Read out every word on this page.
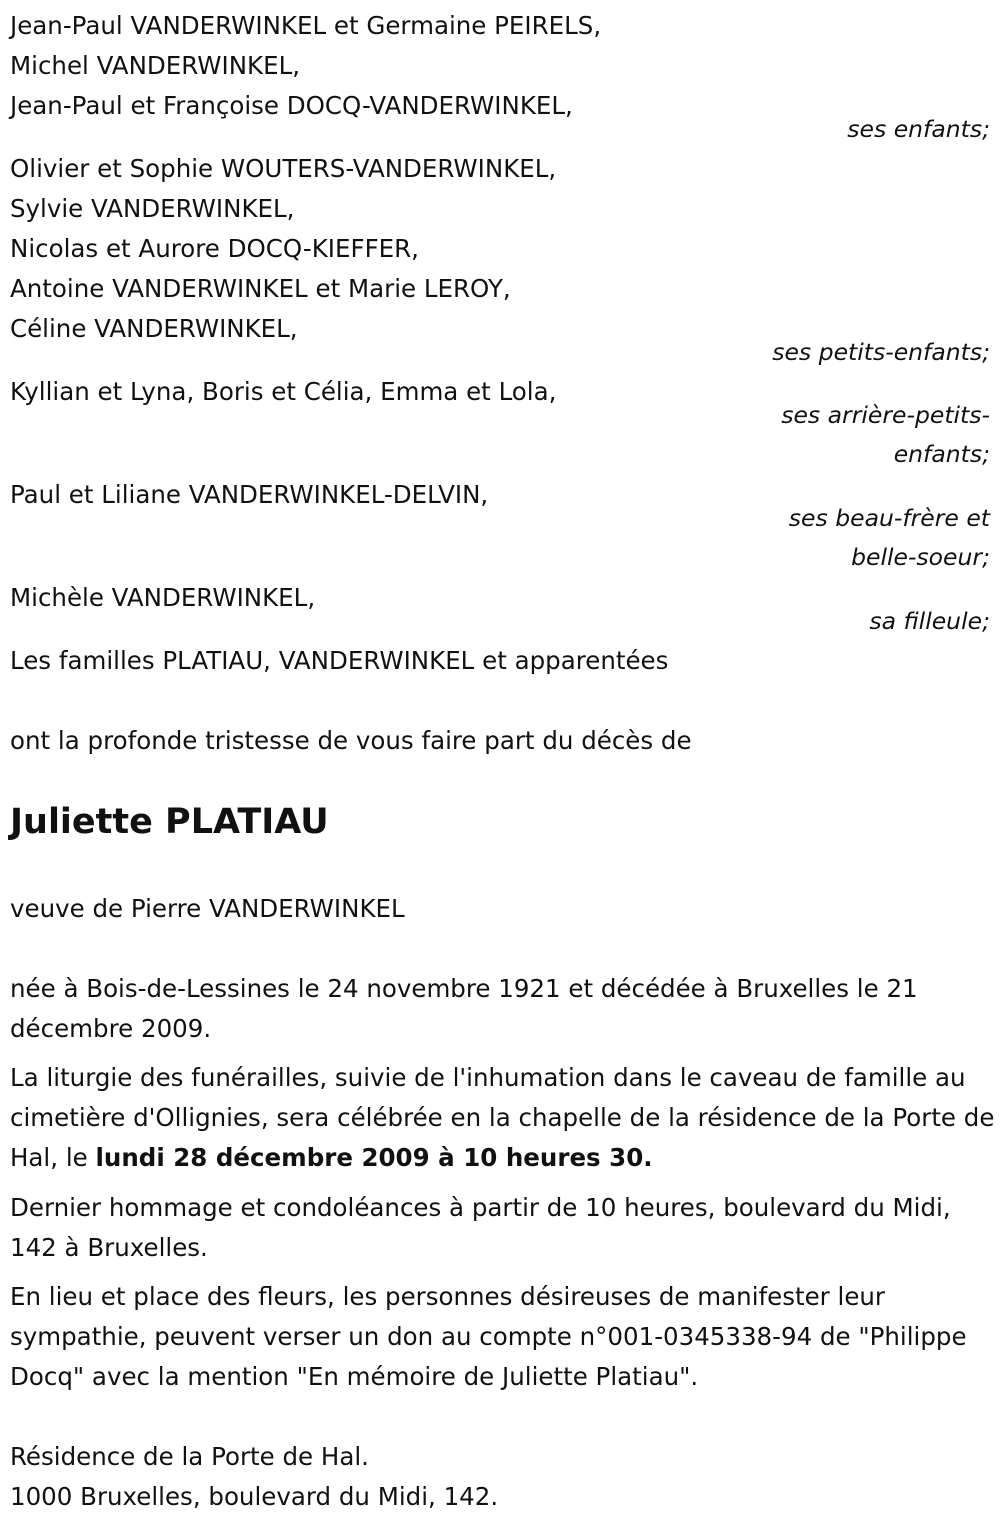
Jean-Paul VANDERWINKEL et Germaine PEIRELS,
Michel VANDERWINKEL,
Jean-Paul et Françoise DOCQ-VANDERWINKEL,
ses enfants;
Olivier et Sophie WOUTERS-VANDERWINKEL,
Sylvie VANDERWINKEL,
Nicolas et Aurore DOCQ-KIEFFER,
Antoine VANDERWINKEL et Marie LEROY,
Céline VANDERWINKEL,
ses petits-enfants;
Kyllian et Lyna, Boris et Célia, Emma et Lola,
ses arrière-petits-
enfants;
Paul et Liliane VANDERWINKEL-DELVIN,
ses beau-frère et
belle-soeur;
Michèle VANDERWINKEL,
sa filleule;
Les familles PLATIAU, VANDERWINKEL et apparentées
ont la profonde tristesse de vous faire part du décès de
Juliette PLATIAU
veuve de Pierre VANDERWINKEL
née à Bois-de-Lessines le 24 novembre 1921 et décédée à Bruxelles le 21 décembre 2009.
La liturgie des funérailles, suivie de l'inhumation dans le caveau de famille au cimetière d'Ollignies, sera célébrée en la chapelle de la résidence de la Porte de Hal, le lundi 28 décembre 2009 à 10 heures 30.
Dernier hommage et condoléances à partir de 10 heures, boulevard du Midi, 142 à Bruxelles.
En lieu et place des fleurs, les personnes désireuses de manifester leur sympathie, peuvent verser un don au compte n°001-0345338-94 de "Philippe Docq" avec la mention "En mémoire de Juliette Platiau".
Résidence de la Porte de Hal.
1000 Bruxelles, boulevard du Midi, 142.
